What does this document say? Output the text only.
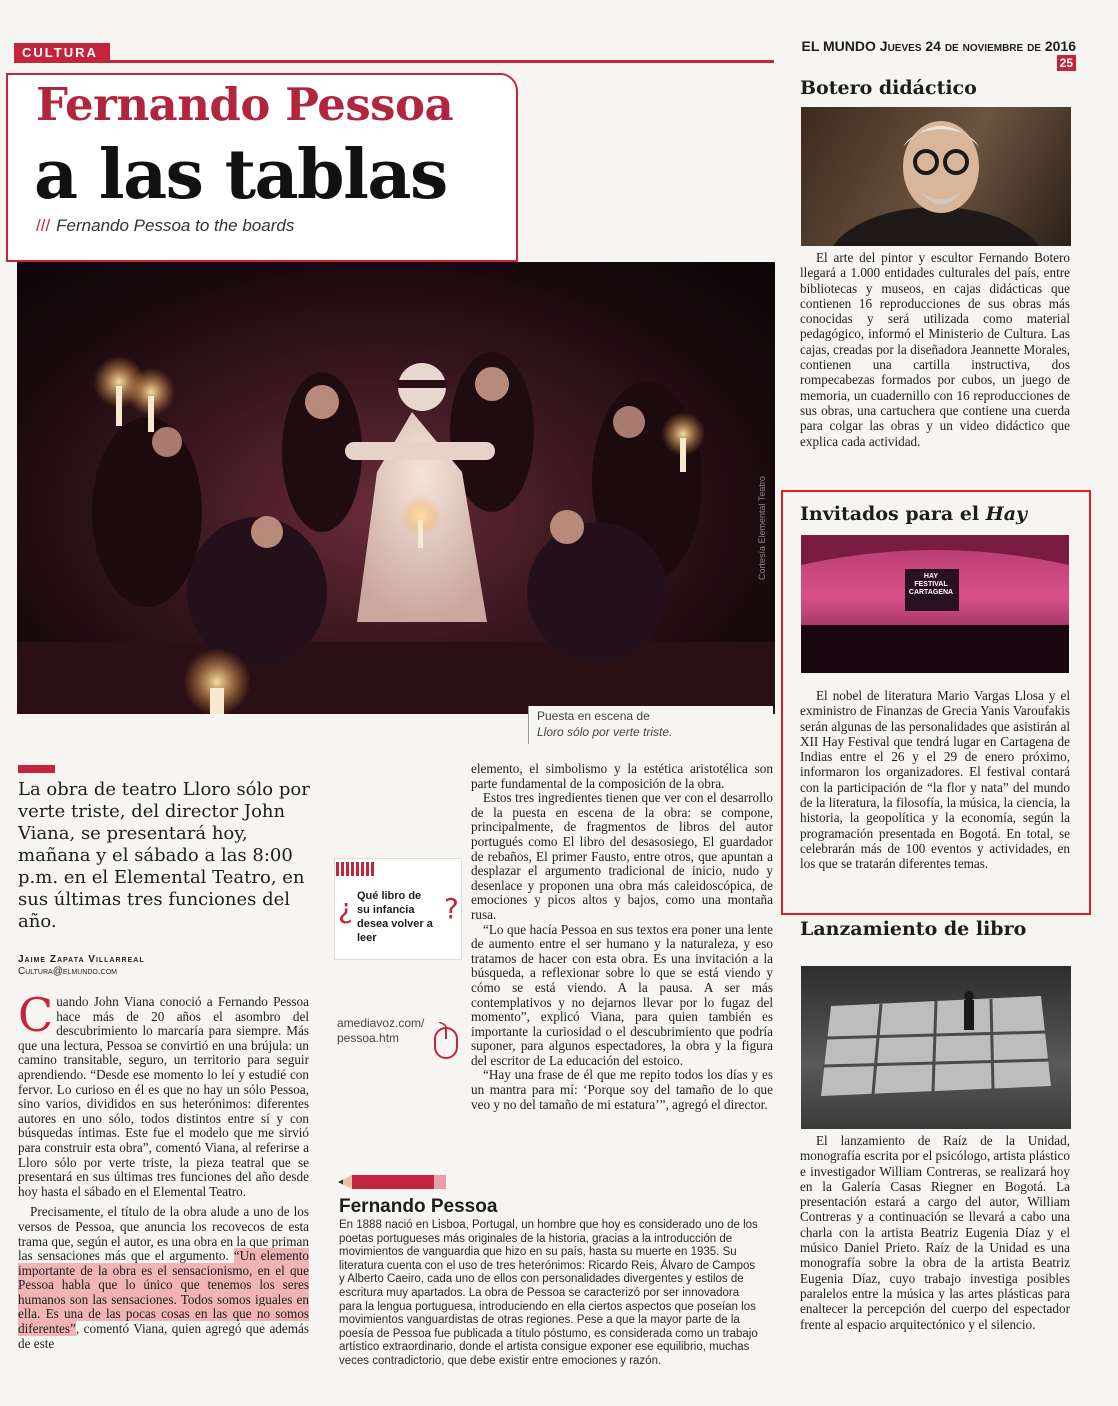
CULTURA	EL MUNDO Jueves 24 de noviembre de 2016 25
Fernando Pessoa
a las tablas
/// Fernando Pessoa to the boards
Cortesía Elemental Teatro
Puesta en escena de
Lloro sólo por verte triste.
La obra de teatro Lloro sólo por verte triste, del director John Viana, se presentará hoy, mañana y el sábado a las 8:00 p.m. en el Elemental Teatro, en sus últimas tres funciones del año.
Jaime Zapata Villarreal
Cultura@elmundo.com

Cuando John Viana conoció a Fernando Pessoa hace más de 20 años el asombro del descubrimiento lo marcaría para siempre. Más que una lectura, Pessoa se convirtió en una brújula: un camino transitable, seguro, un territorio para seguir aprendiendo. “Desde ese momento lo leí y estudié con fervor. Lo curioso en él es que no hay un sólo Pessoa, sino varios, divididos en sus heterónimos: diferentes autores en uno sólo, todos distintos entre sí y con búsquedas íntimas. Este fue el modelo que me sirvió para construir esta obra”, comentó Viana, al referirse a Lloro sólo por verte triste, la pieza teatral que se presentará en sus últimas tres funciones del año desde hoy hasta el sábado en el Elemental Teatro.

Precisamente, el título de la obra alude a uno de los versos de Pessoa, que anuncia los recovecos de esta trama que, según el autor, es una obra en la que priman las sensaciones más que el argumento. “Un elemento importante de la obra es el sensacionismo, en el que Pessoa habla que lo único que tenemos los seres humanos son las sensaciones. Todos somos iguales en ella. Es una de las pocas cosas en las que no somos diferentes”, comentó Viana, quien agregó que además de este

¿ Qué libro de su infancia desea volver a leer
?
amediavoz.com/
pessoa.htm

elemento, el simbolismo y la estética aristotélica son parte fundamental de la composición de la obra.

Estos tres ingredientes tienen que ver con el desarrollo de la puesta en escena de la obra: se compone, principalmente, de fragmentos de libros del autor portugués como El libro del desasosiego, El guardador de rebaños, El primer Fausto, entre otros, que apuntan a desplazar el argumento tradicional de inicio, nudo y desenlace y proponen una obra más caleidoscópica, de emociones y picos altos y bajos, como una montaña rusa.

“Lo que hacía Pessoa en sus textos era poner una lente de aumento entre el ser humano y la naturaleza, y eso tratamos de hacer con esta obra. Es una invitación a la búsqueda, a reflexionar sobre lo que se está viendo y cómo se está viendo. A la pausa. A ser más contemplativos y no dejarnos llevar por lo fugaz del momento”, explicó Viana, para quien también es importante la curiosidad o el descubrimiento que podría suponer, para algunos espectadores, la obra y la figura del escritor de La educación del estoico.

“Hay una frase de él que me repito todos los días y es un mantra para mí: ‘Porque soy del tamaño de lo que veo y no del tamaño de mi estatura’”, agregó el director.

Fernando Pessoa
En 1888 nació en Lisboa, Portugal, un hombre que hoy es considerado uno de los poetas portugueses más originales de la historia, gracias a la introducción de movimientos de vanguardia que hizo en su país, hasta su muerte en 1935. Su literatura cuenta con el uso de tres heterónimos: Ricardo Reis, Álvaro de Campos y Alberto Caeiro, cada uno de ellos con personalidades divergentes y estilos de escritura muy apartados. La obra de Pessoa se caracterizó por ser innovadora para la lengua portuguesa, introduciendo en ella ciertos aspectos que poseían los movimientos vanguardistas de otras regiones. Pese a que la mayor parte de la poesía de Pessoa fue publicada a título póstumo, es considerada como un trabajo artístico extraordinario, donde el artista consigue exponer ese equilibrio, muchas veces contradictorio, que debe existir entre emociones y razón.
Botero didáctico
El arte del pintor y escultor Fernando Botero llegará a 1.000 entidades culturales del país, entre bibliotecas y museos, en cajas didácticas que contienen 16 reproducciones de sus obras más conocidas y será utilizada como material pedagógico, informó el Ministerio de Cultura. Las cajas, creadas por la diseñadora Jeannette Morales, contienen una cartilla instructiva, dos rompecabezas formados por cubos, un juego de memoria, un cuadernillo con 16 reproducciones de sus obras, una cartuchera que contiene una cuerda para colgar las obras y un video didáctico que explica cada actividad.
Invitados para el Hay
HAY FESTIVAL CARTAGENA
El nobel de literatura Mario Vargas Llosa y el exministro de Finanzas de Grecia Yanis Varoufakis serán algunas de las personalidades que asistirán al XII Hay Festival que tendrá lugar en Cartagena de Indias entre el 26 y el 29 de enero próximo, informaron los organizadores. El festival contará con la participación de “la flor y nata” del mundo de la literatura, la filosofía, la música, la ciencia, la historia, la geopolítica y la economía, según la programación presentada en Bogotá. En total, se celebrarán más de 100 eventos y actividades, en los que se tratarán diferentes temas.
Lanzamiento de libro
El lanzamiento de Raíz de la Unidad, monografía escrita por el psicólogo, artista plástico e investigador William Contreras, se realizará hoy en la Galería Casas Riegner en Bogotá. La presentación estará a cargo del autor, William Contreras y a continuación se llevará a cabo una charla con la artista Beatriz Eugenia Díaz y el músico Daniel Prieto. Raíz de la Unidad es una monografía sobre la obra de la artista Beatriz Eugenia Díaz, cuyo trabajo investiga posibles paralelos entre la música y las artes plásticas para enaltecer la percepción del cuerpo del espectador frente al espacio arquitectónico y el silencio.
